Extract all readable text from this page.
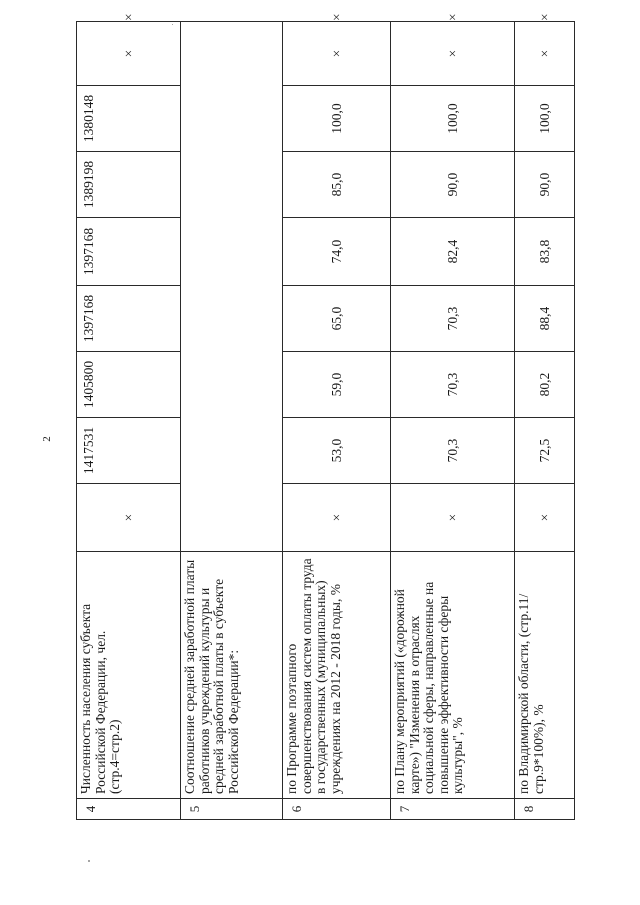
2
4	Численность населения субъекта Российской Федерации, чел. (стр.4=стр.2)	×	1417531	1405800	1397168	1397168	1389198	1380148	×	×
5	Соотношение средней заработной платы работников учреждений культуры и средней заработной платы в субъекте Российской Федерации*:									
6	по Программе поэтапного совершенствования систем оплаты труда в государственных (муниципальных) учреждениях на 2012 - 2018 годы, %	×	53,0	59,0	65,0	74,0	85,0	100,0	×	×
7	по Плану мероприятий («дорожной карте») "Изменения в отраслях социальной сферы, направленные на повышение эффективности сферы культуры", %	×	70,3	70,3	70,3	82,4	90,0	100,0	×	×
8	по Владимирской области, (стр.11/ стр.9*100%), %	×	72,5	80,2	88,4	83,8	90,0	100,0	×	×
